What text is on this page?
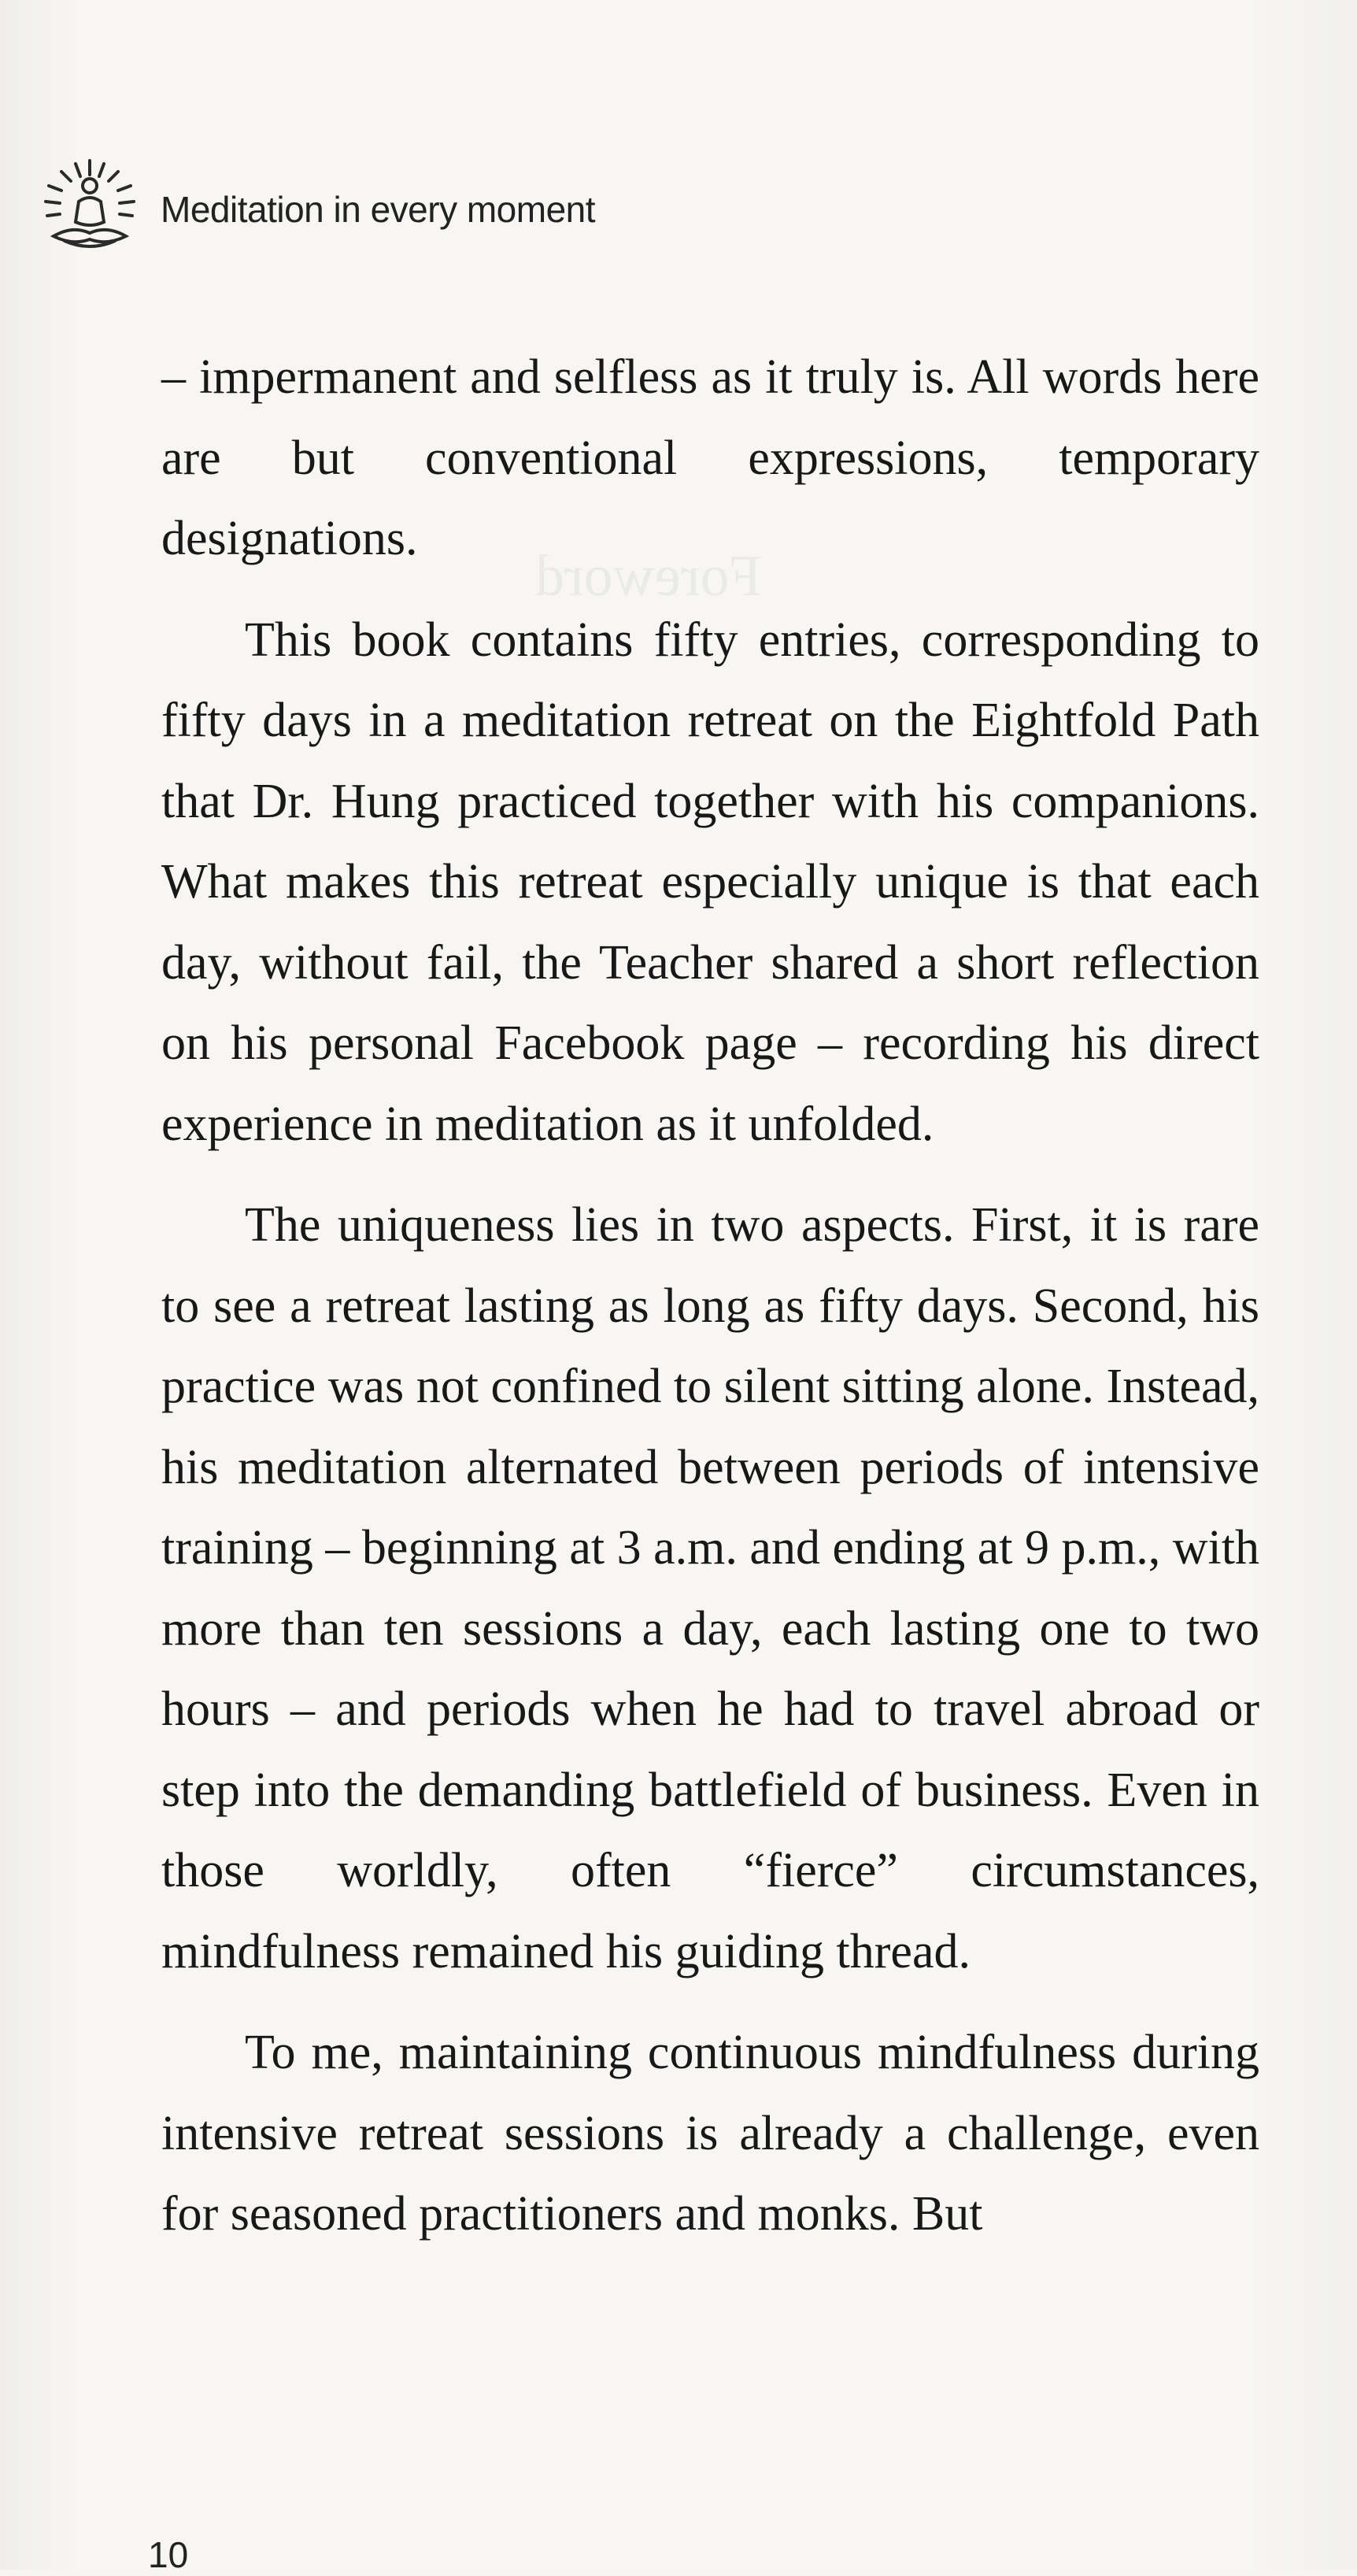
Foreword
Meditation in every moment

– impermanent and selfless as it truly is. All words here are but conventional expressions, temporary designations.

This book contains fifty entries, corresponding to fifty days in a meditation retreat on the Eightfold Path that Dr. Hung practiced together with his companions. What makes this retreat especially unique is that each day, without fail, the Teacher shared a short reflection on his personal Facebook page – recording his direct experience in meditation as it unfolded.

The uniqueness lies in two aspects. First, it is rare to see a retreat lasting as long as fifty days. Second, his practice was not confined to silent sitting alone. Instead, his meditation alternated between periods of intensive training – beginning at 3 a.m. and ending at 9 p.m., with more than ten sessions a day, each lasting one to two hours – and periods when he had to travel abroad or step into the demanding battlefield of business. Even in those worldly, often “fierce” circumstances, mindfulness remained his guiding thread.

To me, maintaining continuous mindfulness during intensive retreat sessions is already a challenge, even for seasoned practitioners and monks. But

10
